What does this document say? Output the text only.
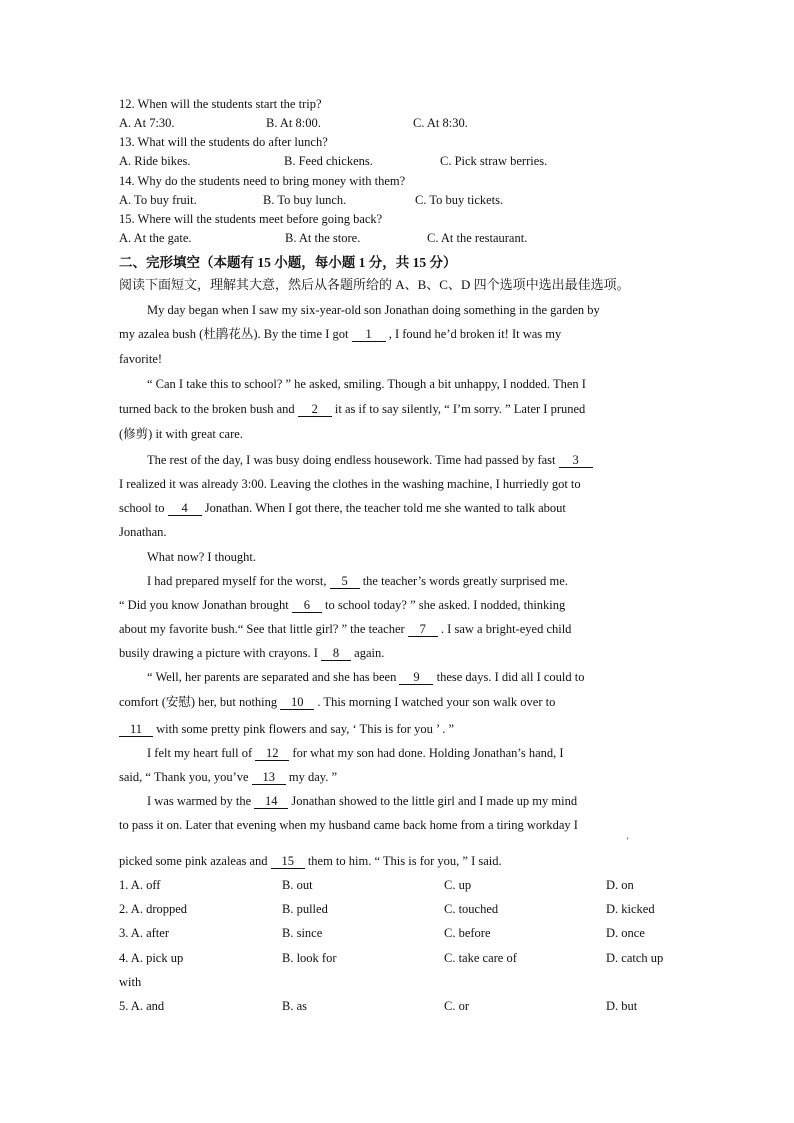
12. When will the students start the trip?
A. At 7:30.	B. At 8:00.	C. At 8:30.
13. What will the students do after lunch?
A. Ride bikes.	B. Feed chickens.	C. Pick straw berries.
14. Why do the students need to bring money with them?
A. To buy fruit.	B. To buy lunch.	C. To buy tickets.
15. Where will the students meet before going back?
A. At the gate.	B. At the store.	C. At the restaurant.
二、完形填空（本题有 15 小题，每小题 1 分，共 15 分）
阅读下面短文，理解其大意，然后从各题所给的 A、B、C、D 四个选项中选出最佳选项。
My day began when I saw my six-year-old son Jonathan doing something in the garden by
my azalea bush (杜鹃花丛). By the time I got 1 , I found he’d broken it! It was my
favorite!
“ Can I take this to school? ” he asked, smiling. Though a bit unhappy, I nodded. Then I
turned back to the broken bush and 2 it as if to say silently, “ I’m sorry. ” Later I pruned
(修剪) it with great care.
The rest of the day, I was busy doing endless housework. Time had passed by fast 3
I realized it was already 3:00. Leaving the clothes in the washing machine, I hurriedly got to
school to 4 Jonathan. When I got there, the teacher told me she wanted to talk about
Jonathan.
What now? I thought.
I had prepared myself for the worst, 5 the teacher’s words greatly surprised me.
“ Did you know Jonathan brought 6 to school today? ” she asked. I nodded, thinking
about my favorite bush.“ See that little girl? ” the teacher 7 . I saw a bright-eyed child
busily drawing a picture with crayons. I 8 again.
“ Well, her parents are separated and she has been 9 these days. I did all I could to
comfort (安慰) her, but nothing 10 . This morning I watched your son walk over to
11 with some pretty pink flowers and say, ‘ This is for you ’ . ”
I felt my heart full of 12 for what my son had done. Holding Jonathan’s hand, I
said, “ Thank you, you’ve 13 my day. ”
I was warmed by the 14 Jonathan showed to the little girl and I made up my mind
to pass it on. Later that evening when my husband came back home from a tiring workday I
'
picked some pink azaleas and 15 them to him. “ This is for you, ” I said.
1. A. off	B. out	C. up	D. on
2. A. dropped	B. pulled	C. touched	D. kicked
3. A. after	B. since	C. before	D. once
4. A. pick up	B. look for	C. take care of	D. catch up
with
5. A. and	B. as	C. or	D. but
